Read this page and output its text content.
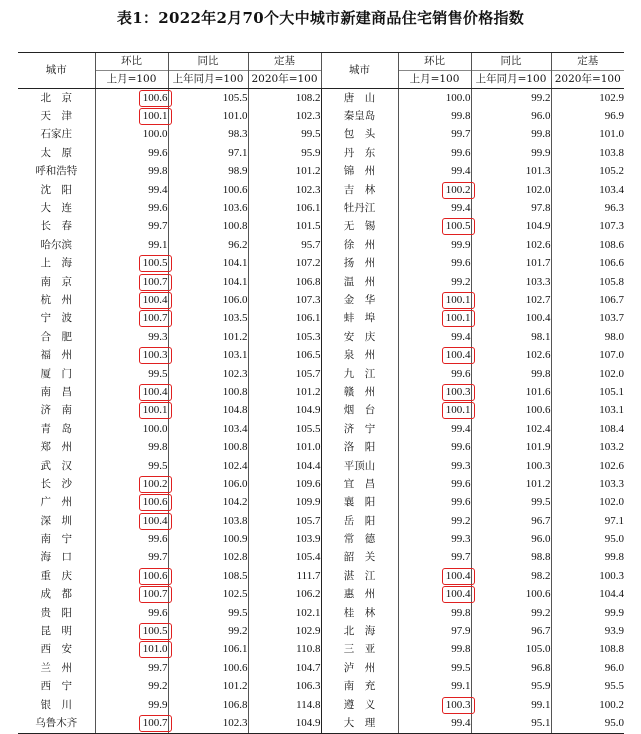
表1：2022年2月70个大中城市新建商品住宅销售价格指数
城市	环比	同比	定基	城市	环比	同比	定基
	上月=100	上年同月=100	2020年=100		上月=100	上年同月=100	2020年=100
北　京	100.6	105.5	108.2	唐　山	100.0	99.2	102.9
天　津	100.1	101.0	102.3	秦皇岛	99.8	96.0	96.9
石家庄	100.0	98.3	99.5	包　头	99.7	99.8	101.0
太　原	99.6	97.1	95.9	丹　东	99.6	99.9	103.8
呼和浩特	99.8	98.9	101.2	锦　州	99.4	101.3	105.2
沈　阳	99.4	100.6	102.3	吉　林	100.2	102.0	103.4
大　连	99.6	103.6	106.1	牡丹江	99.4	97.8	96.3
长　春	99.7	100.8	101.5	无　锡	100.5	104.9	107.3
哈尔滨	99.1	96.2	95.7	徐　州	99.9	102.6	108.6
上　海	100.5	104.1	107.2	扬　州	99.6	101.7	106.6
南　京	100.7	104.1	106.8	温　州	99.2	103.3	105.8
杭　州	100.4	106.0	107.3	金　华	100.1	102.7	106.7
宁　波	100.7	103.5	106.1	蚌　埠	100.1	100.4	103.7
合　肥	99.3	101.2	105.3	安　庆	99.4	98.1	98.0
福　州	100.3	103.1	106.5	泉　州	100.4	102.6	107.0
厦　门	99.5	102.3	105.7	九　江	99.6	99.8	102.0
南　昌	100.4	100.8	101.2	赣　州	100.3	101.6	105.1
济　南	100.1	104.8	104.9	烟　台	100.1	100.6	103.1
青　岛	100.0	103.4	105.5	济　宁	99.4	102.4	108.4
郑　州	99.8	100.8	101.0	洛　阳	99.6	101.9	103.2
武　汉	99.5	102.4	104.4	平顶山	99.3	100.3	102.6
长　沙	100.2	106.0	109.6	宜　昌	99.6	101.2	103.3
广　州	100.6	104.2	109.9	襄　阳	99.6	99.5	102.0
深　圳	100.4	103.8	105.7	岳　阳	99.2	96.7	97.1
南　宁	99.6	100.9	103.9	常　德	99.3	96.0	95.0
海　口	99.7	102.8	105.4	韶　关	99.7	98.8	99.8
重　庆	100.6	108.5	111.7	湛　江	100.4	98.2	100.3
成　都	100.7	102.5	106.2	惠　州	100.4	100.6	104.4
贵　阳	99.6	99.5	102.1	桂　林	99.8	99.2	99.9
昆　明	100.5	99.2	102.9	北　海	97.9	96.7	93.9
西　安	101.0	106.1	110.8	三　亚	99.8	105.0	108.8
兰　州	99.7	100.6	104.7	泸　州	99.5	96.8	96.0
西　宁	99.2	101.2	106.3	南　充	99.1	95.9	95.5
银　川	99.9	106.8	114.8	遵　义	100.3	99.1	100.2
乌鲁木齐	100.7	102.3	104.9	大　理	99.4	95.1	95.0
